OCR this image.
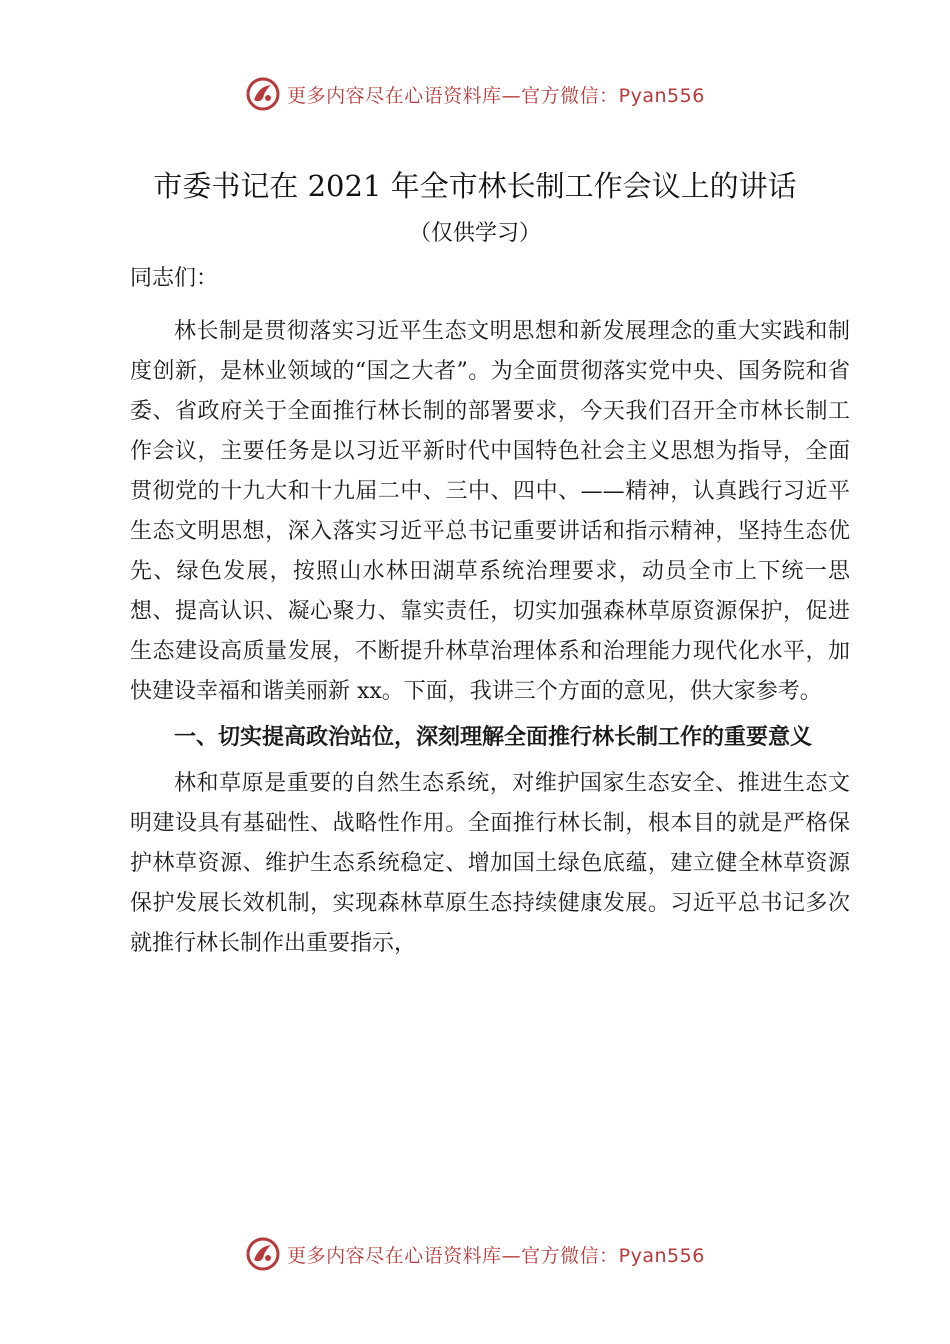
更多内容尽在心语资料库—官方微信：Pyan556
市委书记在 2021 年全市林长制工作会议上的讲话
（仅供学习）

同志们：

林长制是贯彻落实习近平生态文明思想和新发展理念的重大实践和制度创新，是林业领域的“国之大者”。为全面贯彻落实党中央、国务院和省委、省政府关于全面推行林长制的部署要求，今天我们召开全市林长制工作会议，主要任务是以习近平新时代中国特色社会主义思想为指导，全面贯彻党的十九大和十九届二中、三中、四中、——精神，认真践行习近平生态文明思想，深入落实习近平总书记重要讲话和指示精神，坚持生态优先、绿色发展，按照山水林田湖草系统治理要求，动员全市上下统一思想、提高认识、凝心聚力、靠实责任，切实加强森林草原资源保护，促进生态建设高质量发展，不断提升林草治理体系和治理能力现代化水平，加快建设幸福和谐美丽新 xx。下面，我讲三个方面的意见，供大家参考。

一、切实提高政治站位，深刻理解全面推行林长制工作的重要意义

林和草原是重要的自然生态系统，对维护国家生态安全、推进生态文明建设具有基础性、战略性作用。全面推行林长制，根本目的就是严格保护林草资源、维护生态系统稳定、增加国土绿色底蕴，建立健全林草资源保护发展长效机制，实现森林草原生态持续健康发展。习近平总书记多次就推行林长制作出重要指示，

更多内容尽在心语资料库—官方微信：Pyan556
